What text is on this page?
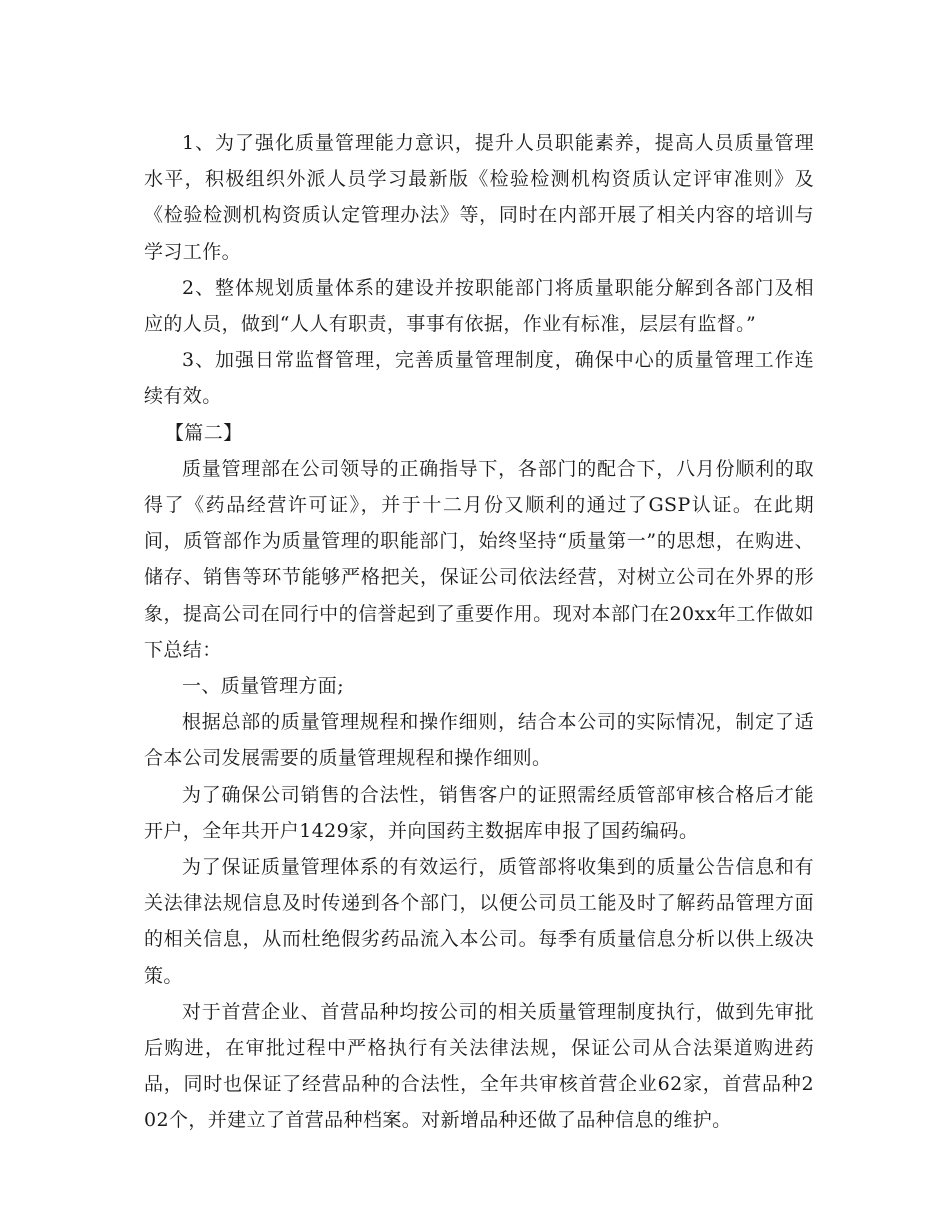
1、为了强化质量管理能力意识，提升人员职能素养，提高人员质量管理水平，积极组织外派人员学习最新版《检验检测机构资质认定评审准则》及《检验检测机构资质认定管理办法》等，同时在内部开展了相关内容的培训与学习工作。

2、整体规划质量体系的建设并按职能部门将质量职能分解到各部门及相应的人员，做到“人人有职责，事事有依据，作业有标准，层层有监督。”

3、加强日常监督管理，完善质量管理制度，确保中心的质量管理工作连续有效。

【篇二】

质量管理部在公司领导的正确指导下，各部门的配合下，八月份顺利的取得了《药品经营许可证》，并于十二月份又顺利的通过了GSP认证。在此期间，质管部作为质量管理的职能部门，始终坚持“质量第一”的思想，在购进、储存、销售等环节能够严格把关，保证公司依法经营，对树立公司在外界的形象，提高公司在同行中的信誉起到了重要作用。现对本部门在20xx年工作做如下总结：

一、质量管理方面;

根据总部的质量管理规程和操作细则，结合本公司的实际情况，制定了适合本公司发展需要的质量管理规程和操作细则。

为了确保公司销售的合法性，销售客户的证照需经质管部审核合格后才能开户，全年共开户1429家，并向国药主数据库申报了国药编码。

为了保证质量管理体系的有效运行，质管部将收集到的质量公告信息和有关法律法规信息及时传递到各个部门，以便公司员工能及时了解药品管理方面的相关信息，从而杜绝假劣药品流入本公司。每季有质量信息分析以供上级决策。

对于首营企业、首营品种均按公司的相关质量管理制度执行，做到先审批后购进，在审批过程中严格执行有关法律法规，保证公司从合法渠道购进药品，同时也保证了经营品种的合法性，全年共审核首营企业62家，首营品种202个，并建立了首营品种档案。对新增品种还做了品种信息的维护。
